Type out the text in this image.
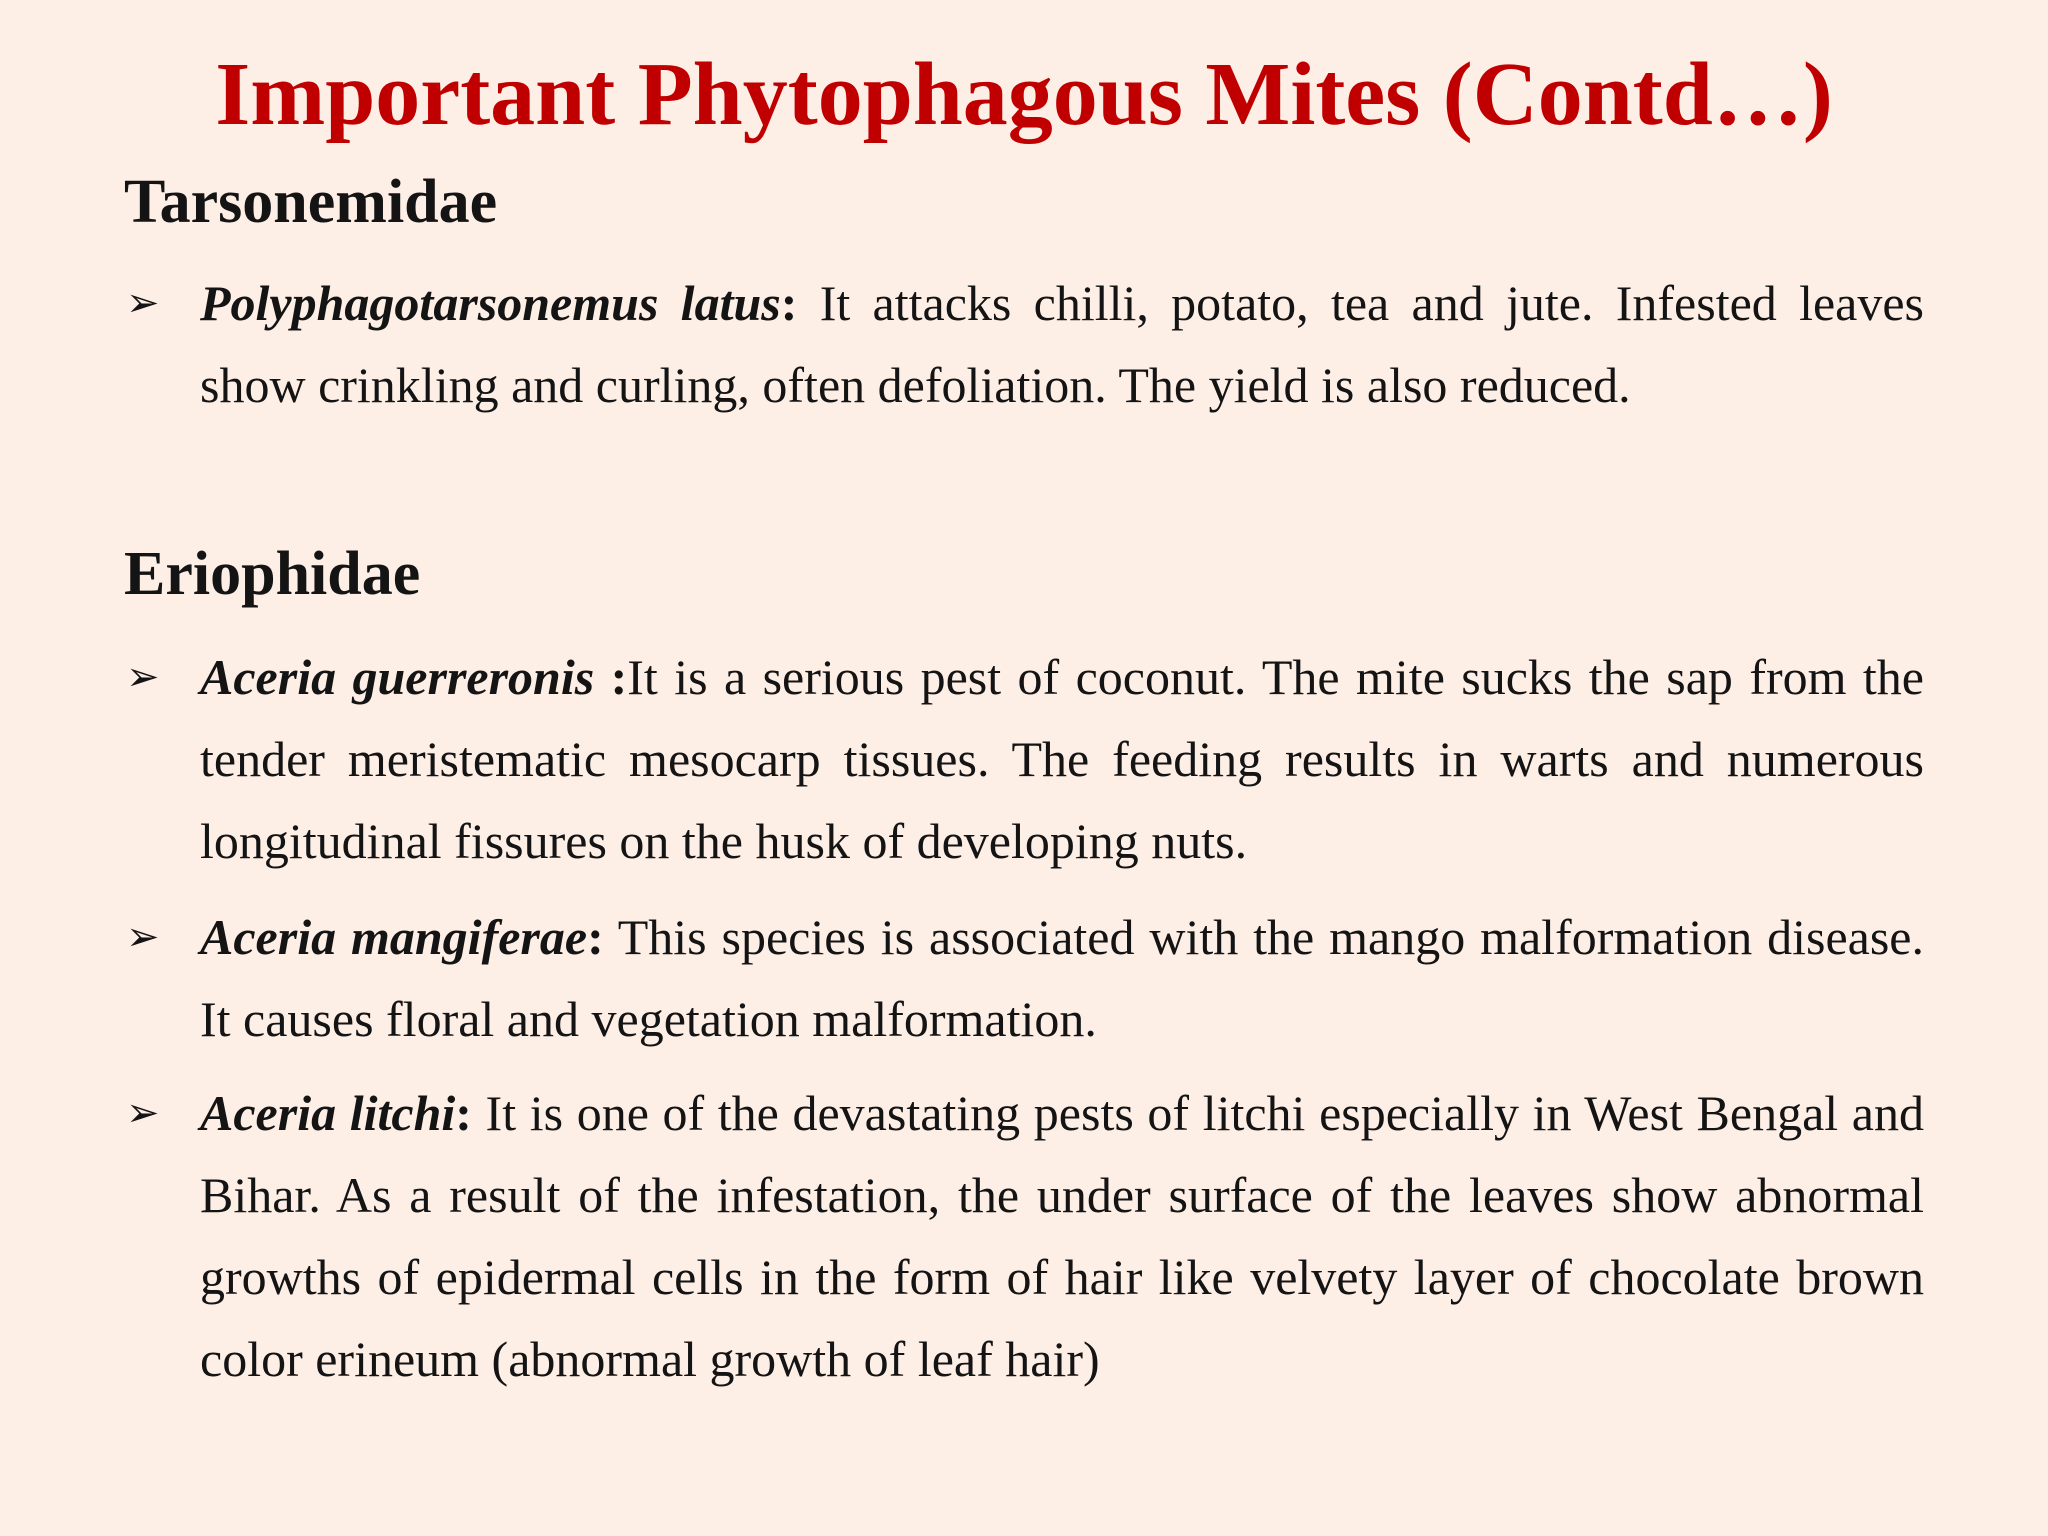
Important Phytophagous Mites (Contd…)
Tarsonemidae
➢ Polyphagotarsonemus latus: It attacks chilli, potato, tea and jute. Infested leaves show crinkling and curling, often defoliation. The yield is also reduced.

Eriophidae
➢ Aceria guerreronis :It is a serious pest of coconut. The mite sucks the sap from the tender meristematic mesocarp tissues. The feeding results in warts and numerous longitudinal fissures on the husk of developing nuts.

➢ Aceria mangiferae: This species is associated with the mango malformation disease. It causes floral and vegetation malformation.

➢ Aceria litchi: It is one of the devastating pests of litchi especially in West Bengal and Bihar. As a result of the infestation, the under surface of the leaves show abnormal growths of epidermal cells in the form of hair like velvety layer of chocolate brown color erineum (abnormal growth of leaf hair)
